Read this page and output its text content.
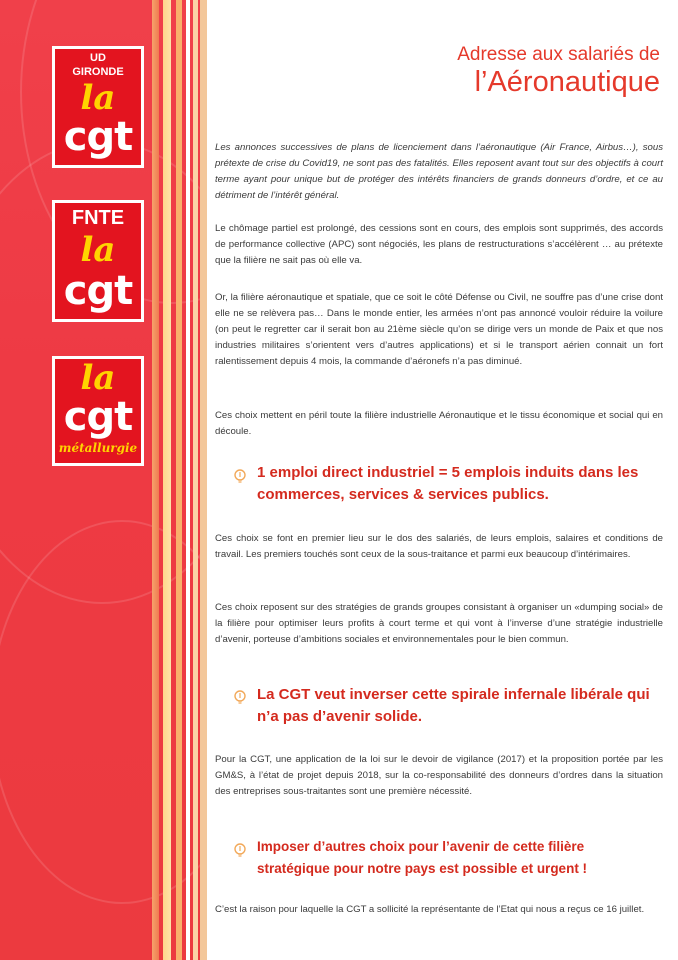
UD
GIRONDE
la
cgt
FNTE
la
cgt
la
cgt
métallurgie
Adresse aux salariés de
l’Aéronautique

Les annonces successives de plans de licenciement dans l’aéronautique (Air France, Airbus…), sous prétexte de crise du Covid19, ne sont pas des fatalités. Elles reposent avant tout sur des objectifs à court terme ayant pour unique but de protéger des intérêts financiers de grands donneurs d’ordre, et ce au détriment de l’intérêt général.

Le chômage partiel est prolongé, des cessions sont en cours, des emplois sont supprimés, des accords de performance collective (APC) sont négociés, les plans de restructurations s’accélèrent … au prétexte que la filière ne sait pas où elle va.

Or, la filière aéronautique et spatiale, que ce soit le côté Défense ou Civil, ne souffre pas d’une crise dont elle ne se relèvera pas… Dans le monde entier, les armées n’ont pas annoncé vouloir réduire la voilure (on peut le regretter car il serait bon au 21ème siècle qu’on se dirige vers un monde de Paix et que nos industries militaires s’orientent vers d’autres applications) et si le transport aérien connait un fort ralentissement depuis 4 mois, la commande d’aéronefs n’a pas diminué.

Ces choix mettent en péril toute la filière industrielle Aéronautique et le tissu économique et social qui en découle.

1 emploi direct industriel = 5 emplois induits dans les commerces, services & services publics.

Ces choix se font en premier lieu sur le dos des salariés, de leurs emplois, salaires et conditions de travail. Les premiers touchés sont ceux de la sous-traitance et parmi eux beaucoup d’intérimaires.

Ces choix reposent sur des stratégies de grands groupes consistant à organiser un «dumping social» de la filière pour optimiser leurs profits à court terme et qui vont à l’inverse d’une stratégie industrielle d’avenir, porteuse d’ambitions sociales et environnementales pour le bien commun.

La CGT veut inverser cette spirale infernale libérale qui n’a pas d’avenir solide.

Pour la CGT, une application de la loi sur le devoir de vigilance (2017) et la proposition portée par les GM&S, à l’état de projet depuis 2018, sur la co-responsabilité des donneurs d’ordres dans la situation des entreprises sous-traitantes sont une première nécessité.

Imposer d’autres choix pour l’avenir de cette filière stratégique pour notre pays est possible et urgent !

C’est la raison pour laquelle la CGT a sollicité la représentante de l’Etat qui nous a reçus ce 16 juillet.
